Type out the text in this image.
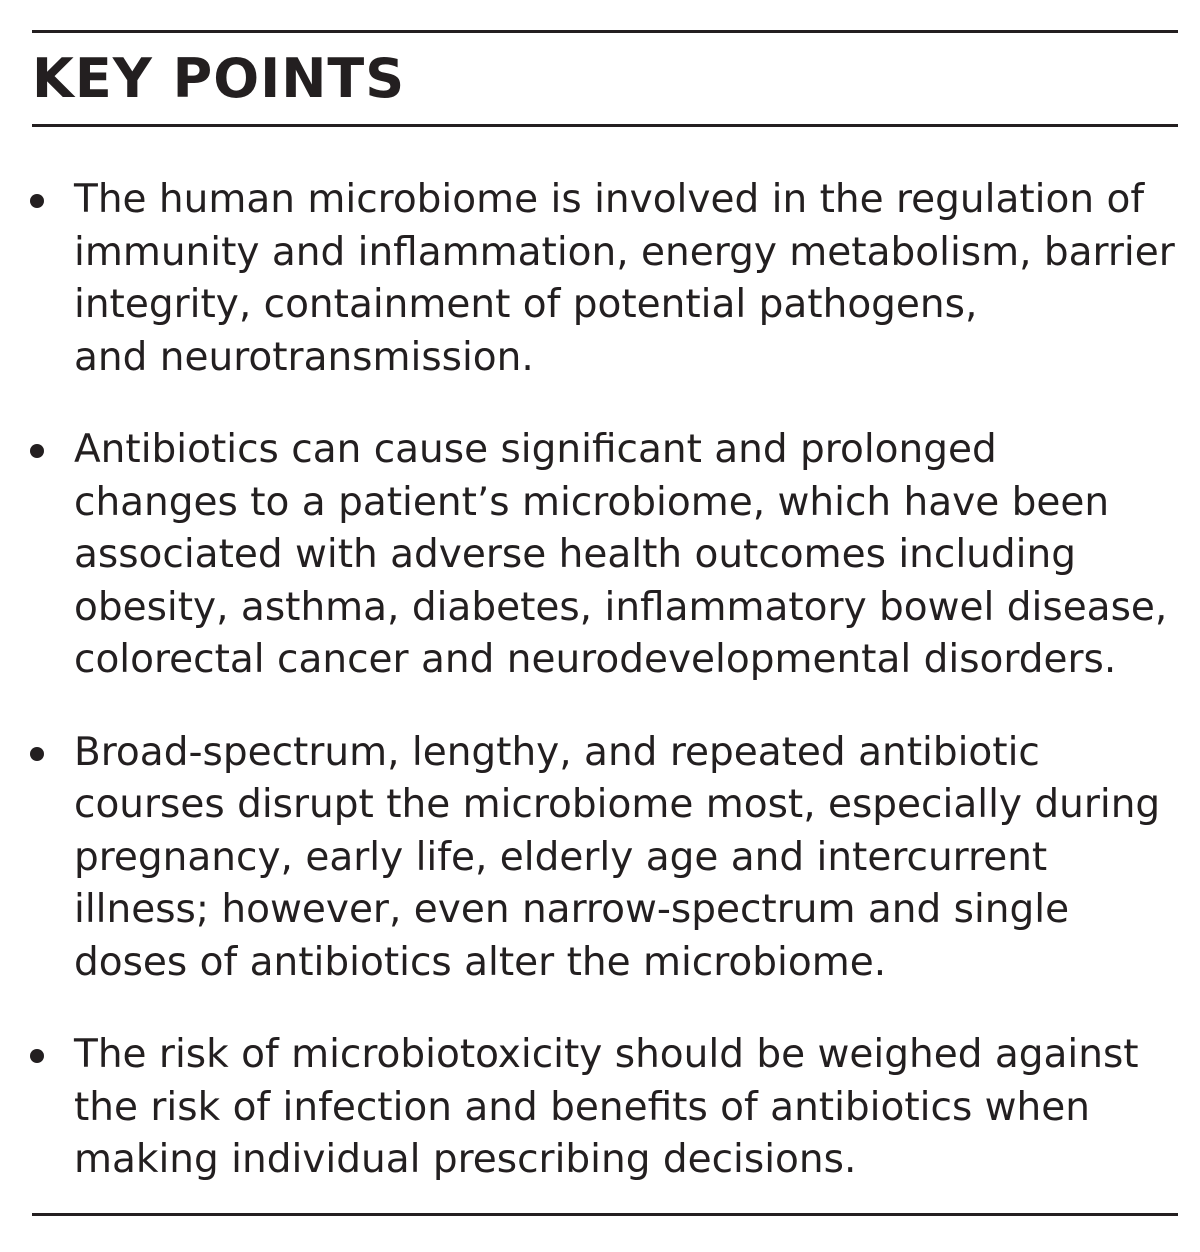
KEY POINTS
The human microbiome is involved in the regulation of
immunity and inflammation, energy metabolism, barrier
integrity, containment of potential pathogens,
and neurotransmission.
Antibiotics can cause significant and prolonged
changes to a patient’s microbiome, which have been
associated with adverse health outcomes including
obesity, asthma, diabetes, inflammatory bowel disease,
colorectal cancer and neurodevelopmental disorders.
Broad-spectrum, lengthy, and repeated antibiotic
courses disrupt the microbiome most, especially during
pregnancy, early life, elderly age and intercurrent
illness; however, even narrow-spectrum and single
doses of antibiotics alter the microbiome.
The risk of microbiotoxicity should be weighed against
the risk of infection and benefits of antibiotics when
making individual prescribing decisions.
